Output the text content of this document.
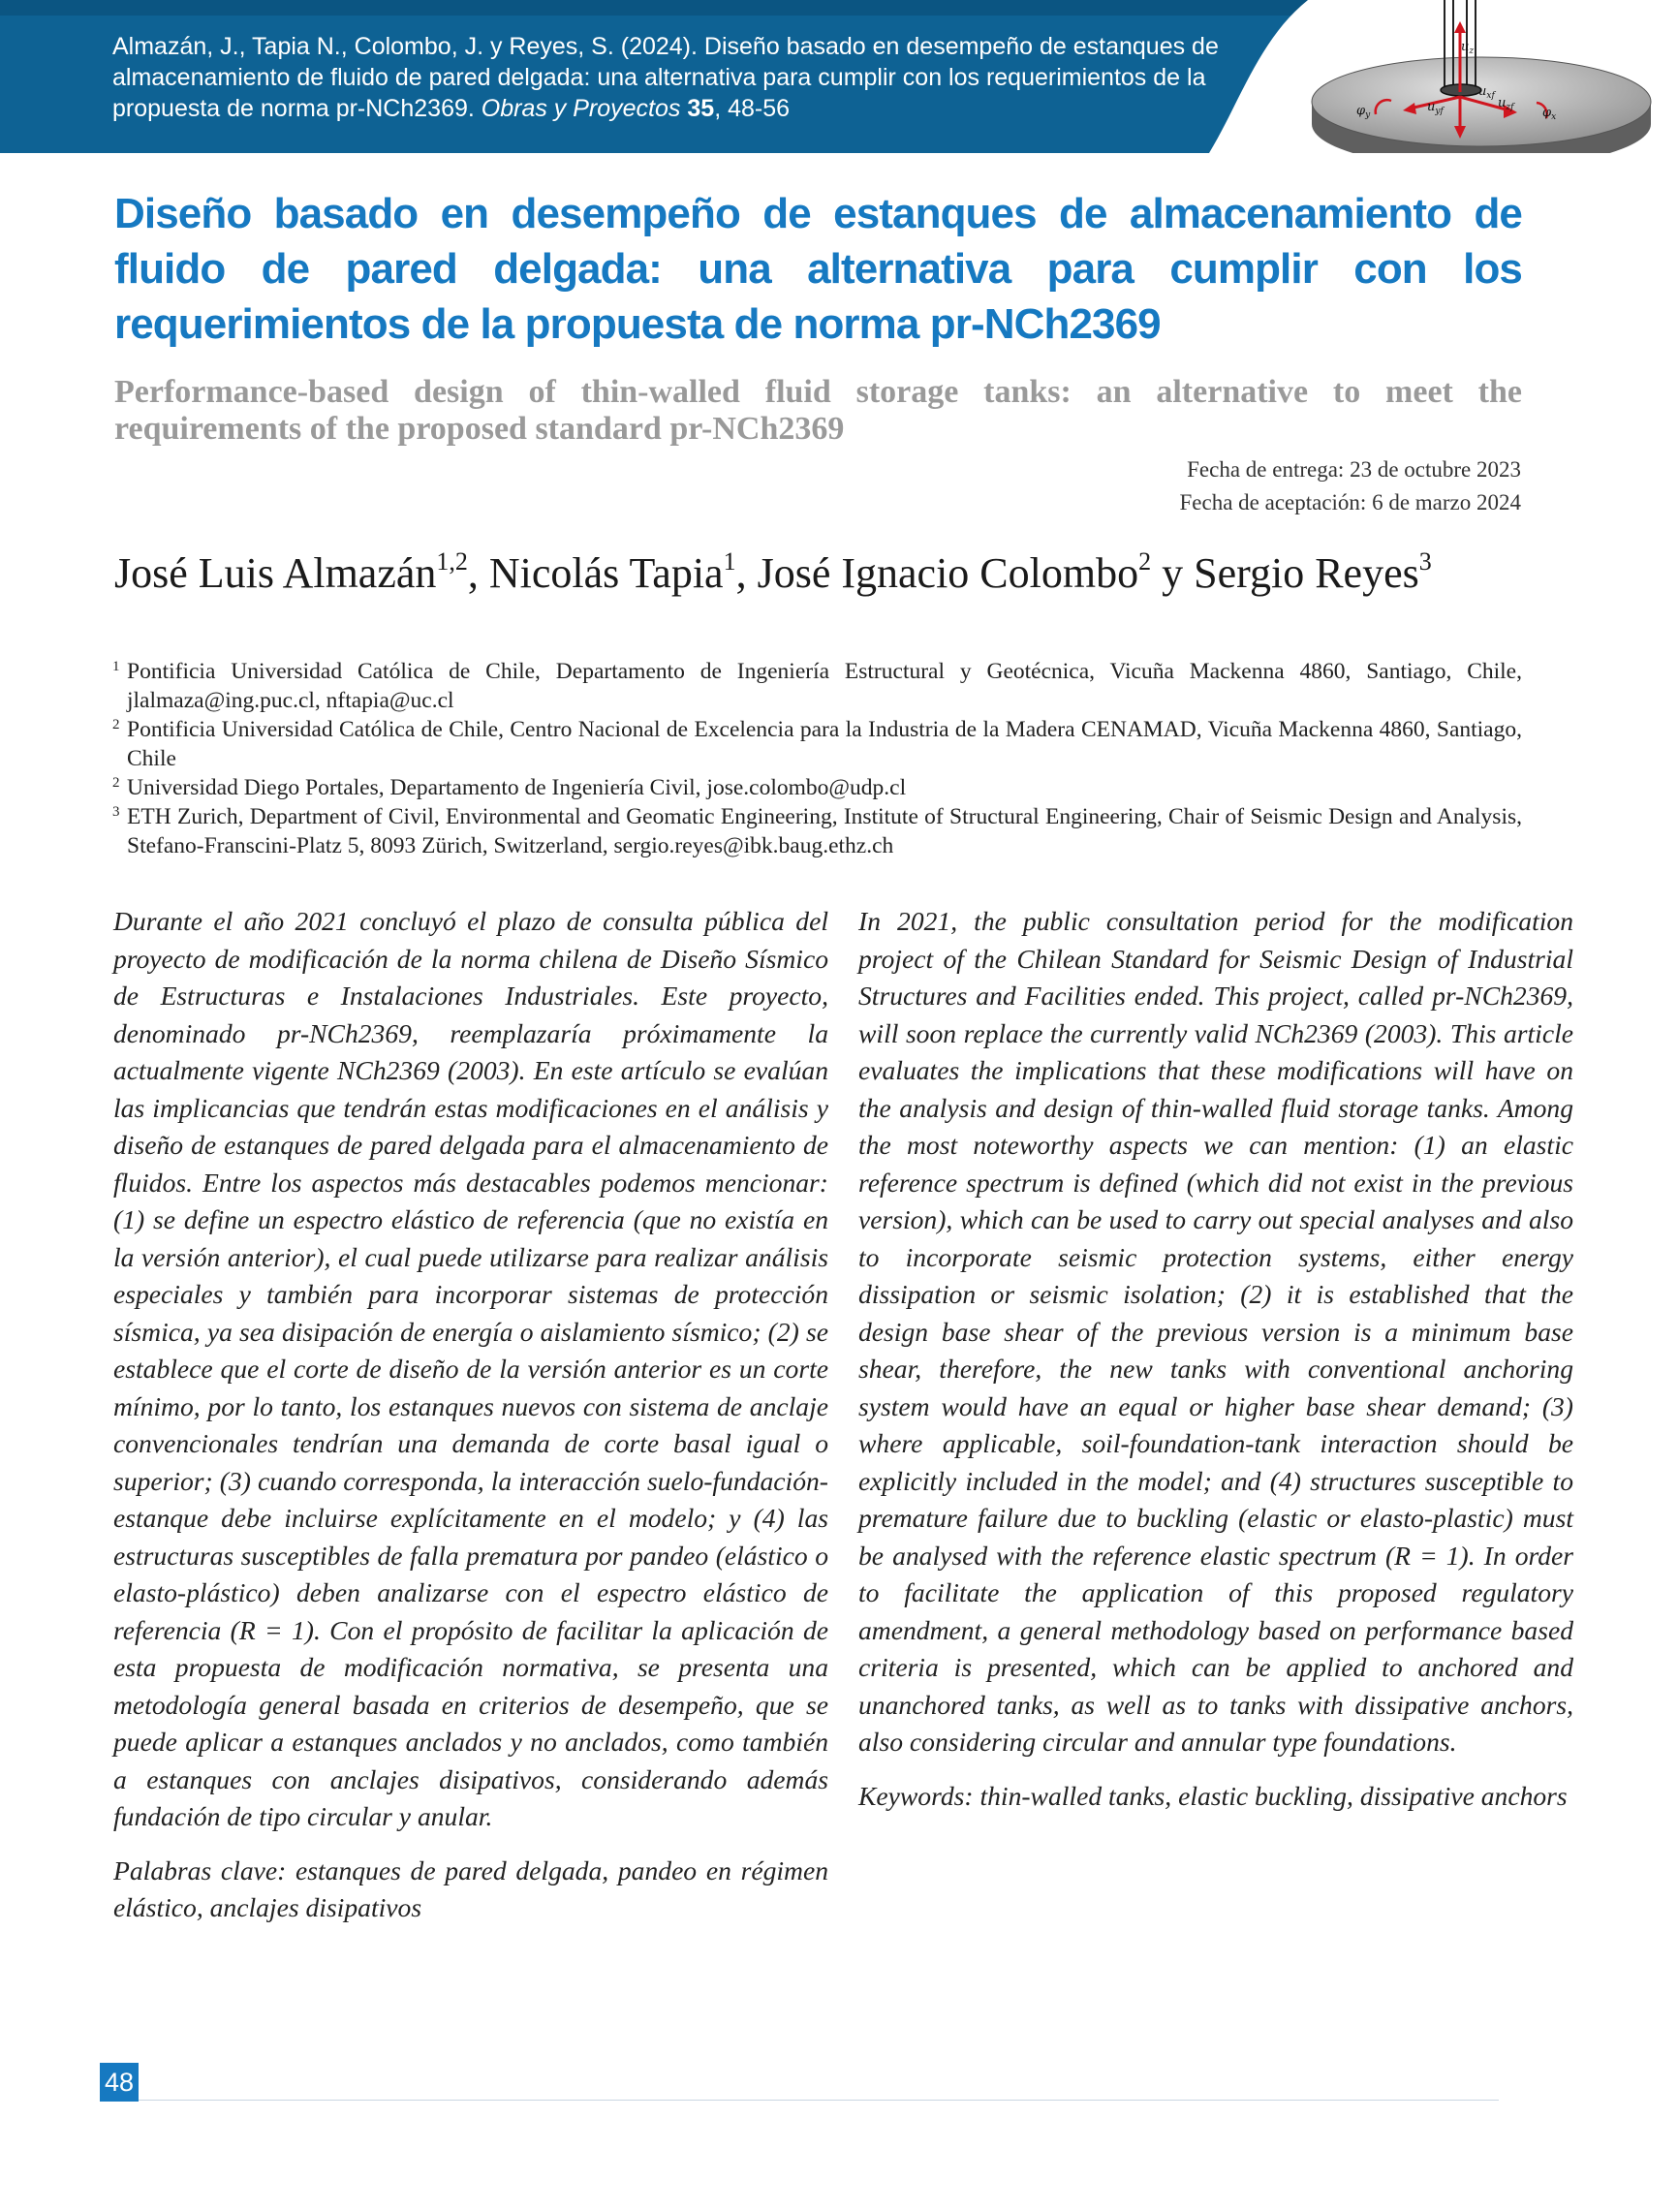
Almazán, J., Tapia N., Colombo, J. y Reyes, S. (2024). Diseño basado en desempeño de estanques de almacenamiento de fluido de pared delgada: una alternativa para cumplir con los requerimientos de la propuesta de norma pr-NCh2369. Obras y Proyectos 35, 48-56
$u_z$
$u_{xf}$
$u_{yf}$
$u_{zf}$
$\varphi_y$	$\varphi_x$
Diseño basado en desempeño de estanques de almacenamiento de fluido de pared delgada: una alternativa para cumplir con los requerimientos de la propuesta de norma pr-NCh2369
Performance-based design of thin-walled fluid storage tanks: an alternative to meet the requirements of the proposed standard pr-NCh2369
Fecha de entrega: 23 de octubre 2023
Fecha de aceptación: 6 de marzo 2024

José Luis Almazán$^{1,2}$, Nicolás Tapia$^1$, José Ignacio Colombo$^2$ y Sergio Reyes$^3$

1 Pontificia Universidad Católica de Chile, Departamento de Ingeniería Estructural y Geotécnica, Vicuña Mackenna 4860, Santiago, Chile, jlalmaza@ing.puc.cl, nftapia@uc.cl
2 Pontificia Universidad Católica de Chile, Centro Nacional de Excelencia para la Industria de la Madera CENAMAD, Vicuña Mackenna 4860, Santiago, Chile
2 Universidad Diego Portales, Departamento de Ingeniería Civil, jose.colombo@udp.cl
3 ETH Zurich, Department of Civil, Environmental and Geomatic Engineering, Institute of Structural Engineering, Chair of Seismic Design and Analysis, Stefano-Franscini-Platz 5, 8093 Zürich, Switzerland, sergio.reyes@ibk.baug.ethz.ch

Durante el año 2021 concluyó el plazo de consulta pública del proyecto de modificación de la norma chilena de Diseño Sísmico de Estructuras e Instalaciones Industriales. Este proyecto, denominado pr-NCh2369, reemplazaría próximamente la actualmente vigente NCh2369 (2003). En este artículo se evalúan las implicancias que tendrán estas modificaciones en el análisis y diseño de estanques de pared delgada para el almacenamiento de fluidos. Entre los aspectos más destacables podemos mencionar: (1) se define un espectro elástico de referencia (que no existía en la versión anterior), el cual puede utilizarse para realizar análisis especiales y también para incorporar sistemas de protección sísmica, ya sea disipación de energía o aislamiento sísmico; (2) se establece que el corte de diseño de la versión anterior es un corte mínimo, por lo tanto, los estanques nuevos con sistema de anclaje convencionales tendrían una demanda de corte basal igual o superior; (3) cuando corresponda, la interacción suelo-fundación-estanque debe incluirse explícitamente en el modelo; y (4) las estructuras susceptibles de falla prematura por pandeo (elástico o elasto-plástico) deben analizarse con el espectro elástico de referencia (R = 1). Con el propósito de facilitar la aplicación de esta propuesta de modificación normativa, se presenta una metodología general basada en criterios de desempeño, que se puede aplicar a estanques anclados y no anclados, como también a estanques con anclajes disipativos, considerando además fundación de tipo circular y anular.

Palabras clave: estanques de pared delgada, pandeo en régimen elástico, anclajes disipativos

In 2021, the public consultation period for the modification project of the Chilean Standard for Seismic Design of Industrial Structures and Facilities ended. This project, called pr-NCh2369, will soon replace the currently valid NCh2369 (2003). This article evaluates the implications that these modifications will have on the analysis and design of thin-walled fluid storage tanks. Among the most noteworthy aspects we can mention: (1) an elastic reference spectrum is defined (which did not exist in the previous version), which can be used to carry out special analyses and also to incorporate seismic protection systems, either energy dissipation or seismic isolation; (2) it is established that the design base shear of the previous version is a minimum base shear, therefore, the new tanks with conventional anchoring system would have an equal or higher base shear demand; (3) where applicable, soil-foundation-tank interaction should be explicitly included in the model; and (4) structures susceptible to premature failure due to buckling (elastic or elasto-plastic) must be analysed with the reference elastic spectrum (R = 1). In order to facilitate the application of this proposed regulatory amendment, a general methodology based on performance based criteria is presented, which can be applied to anchored and unanchored tanks, as well as to tanks with dissipative anchors, also considering circular and annular type foundations.

Keywords: thin-walled tanks, elastic buckling, dissipative anchors

48
